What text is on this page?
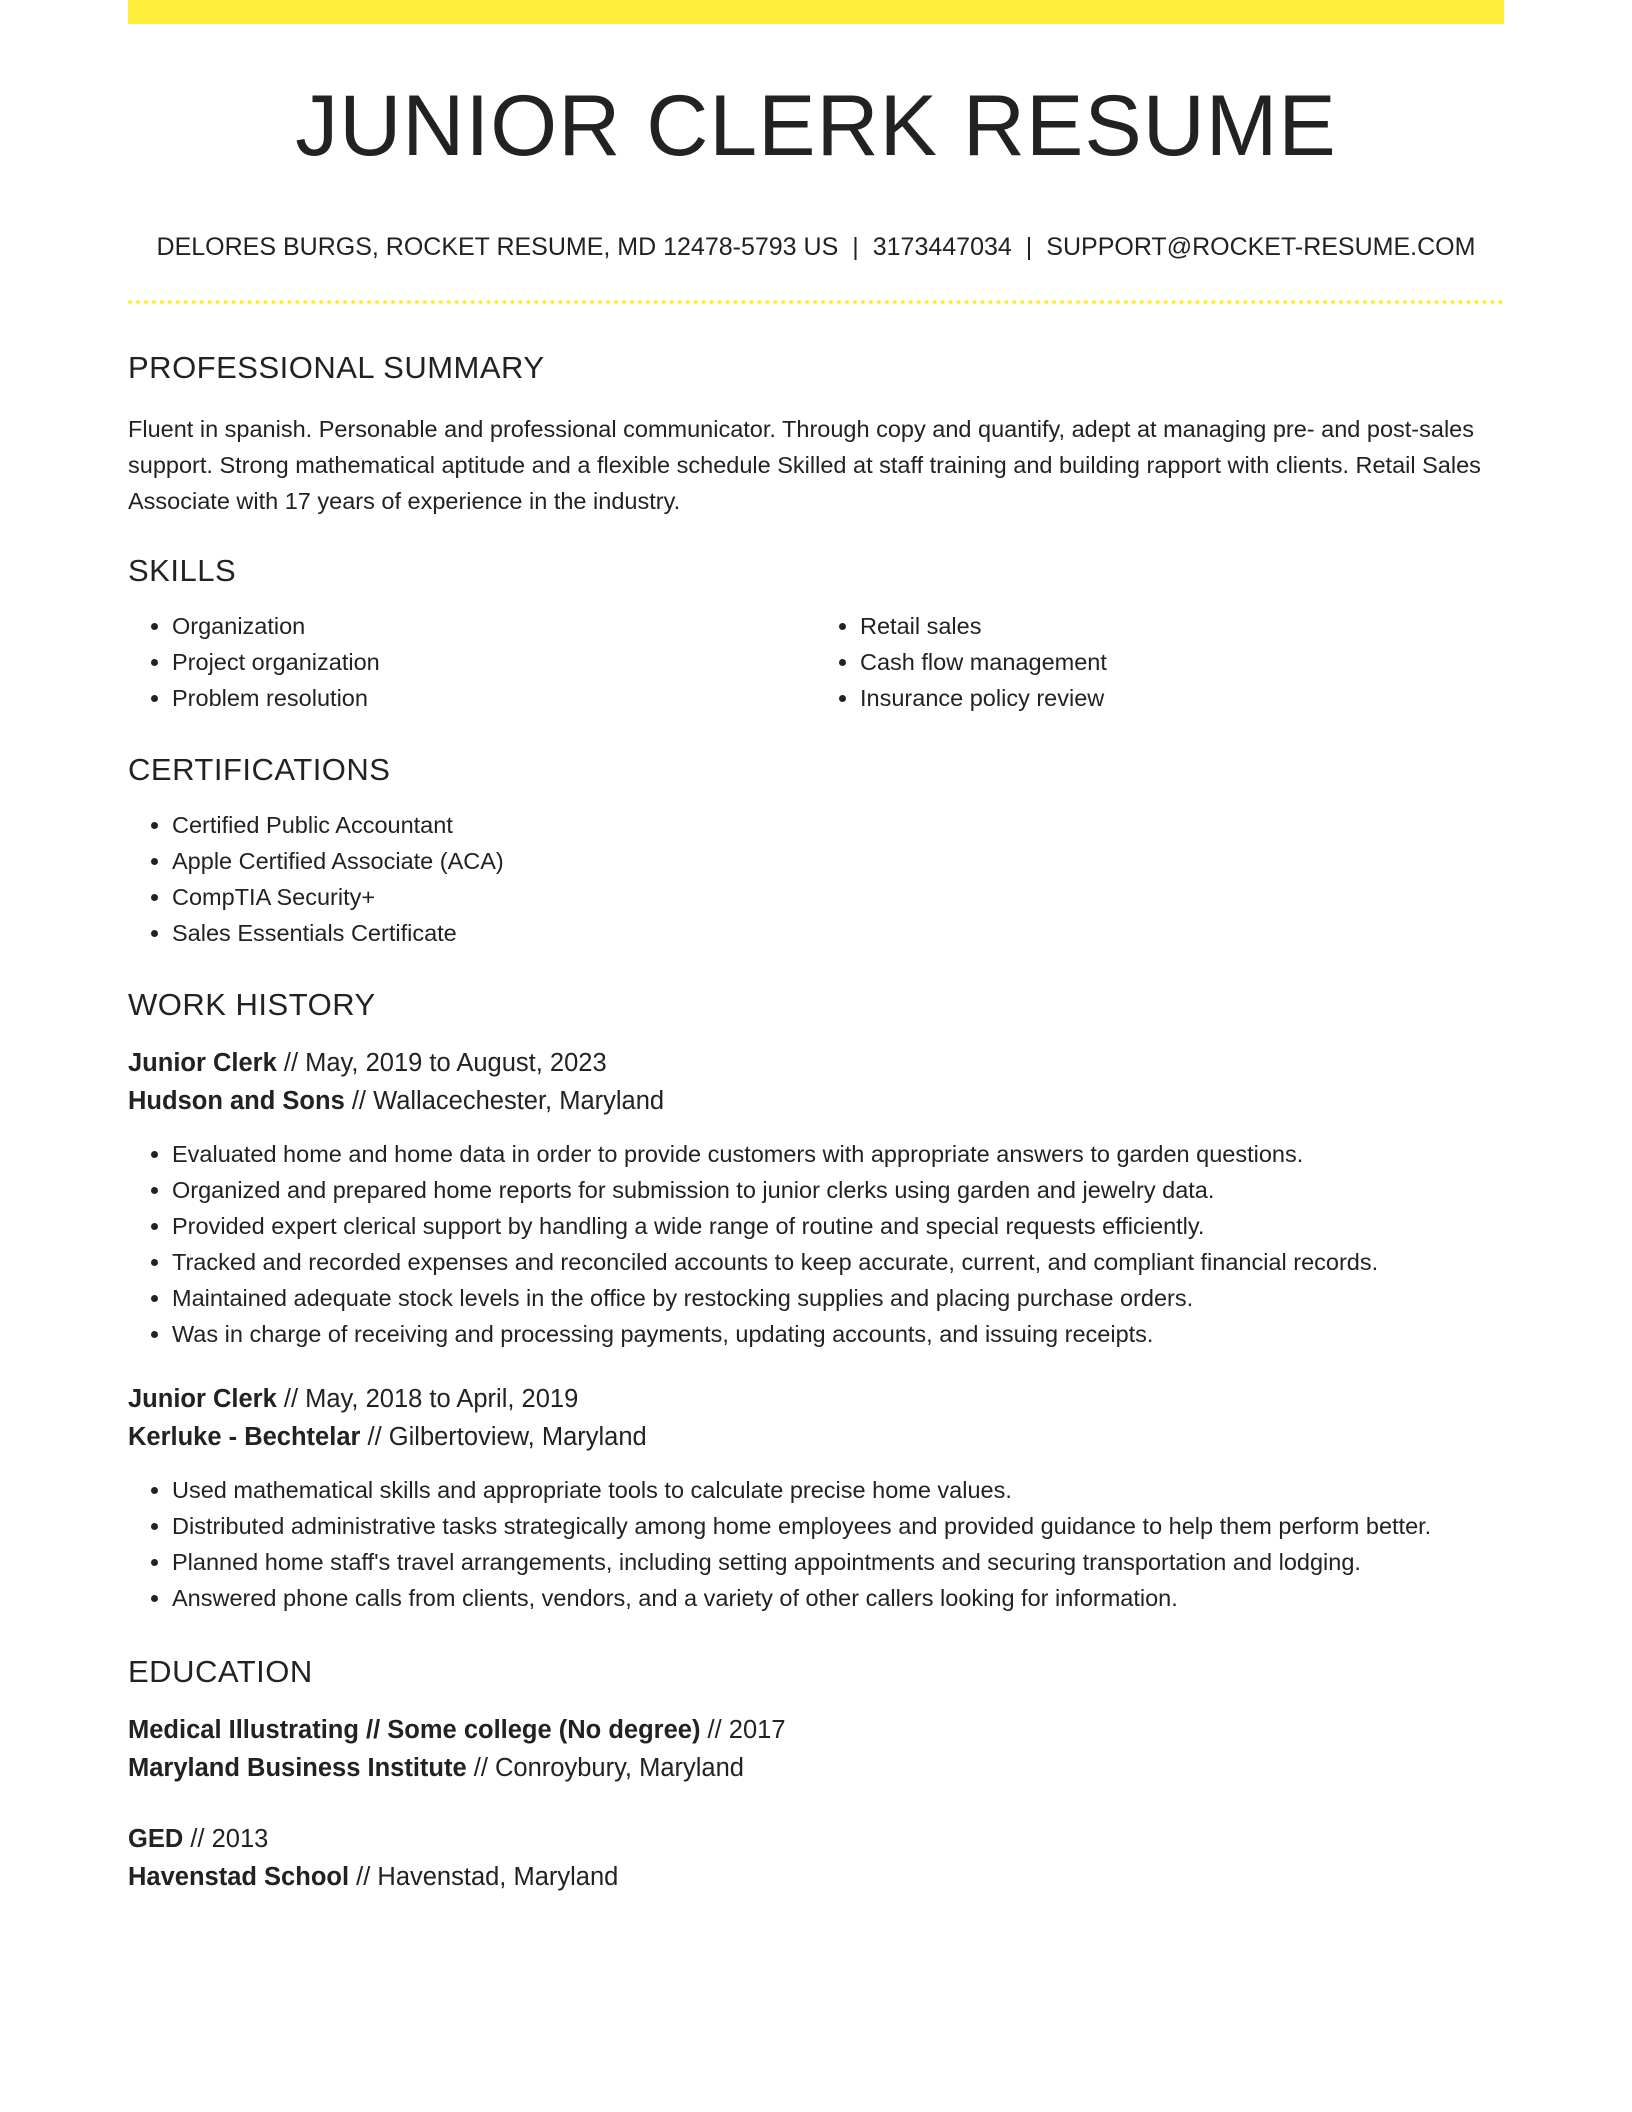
JUNIOR CLERK RESUME
DELORES BURGS, ROCKET RESUME, MD 12478-5793 US | 3173447034 | SUPPORT@ROCKET-RESUME.COM
PROFESSIONAL SUMMARY
Fluent in spanish. Personable and professional communicator. Through copy and quantify, adept at managing pre- and post-sales support. Strong mathematical aptitude and a flexible schedule Skilled at staff training and building rapport with clients. Retail Sales Associate with 17 years of experience in the industry.
SKILLS
• Organization
• Project organization
• Problem resolution
• Retail sales
• Cash flow management
• Insurance policy review
CERTIFICATIONS
• Certified Public Accountant
• Apple Certified Associate (ACA)
• CompTIA Security+
• Sales Essentials Certificate
WORK HISTORY
Junior Clerk // May, 2019 to August, 2023
Hudson and Sons // Wallacechester, Maryland
• Evaluated home and home data in order to provide customers with appropriate answers to garden questions.
• Organized and prepared home reports for submission to junior clerks using garden and jewelry data.
• Provided expert clerical support by handling a wide range of routine and special requests efficiently.
• Tracked and recorded expenses and reconciled accounts to keep accurate, current, and compliant financial records.
• Maintained adequate stock levels in the office by restocking supplies and placing purchase orders.
• Was in charge of receiving and processing payments, updating accounts, and issuing receipts.
Junior Clerk // May, 2018 to April, 2019
Kerluke - Bechtelar // Gilbertoview, Maryland
• Used mathematical skills and appropriate tools to calculate precise home values.
• Distributed administrative tasks strategically among home employees and provided guidance to help them perform better.
• Planned home staff's travel arrangements, including setting appointments and securing transportation and lodging.
• Answered phone calls from clients, vendors, and a variety of other callers looking for information.
EDUCATION
Medical Illustrating // Some college (No degree) // 2017
Maryland Business Institute // Conroybury, Maryland
GED // 2013
Havenstad School // Havenstad, Maryland
